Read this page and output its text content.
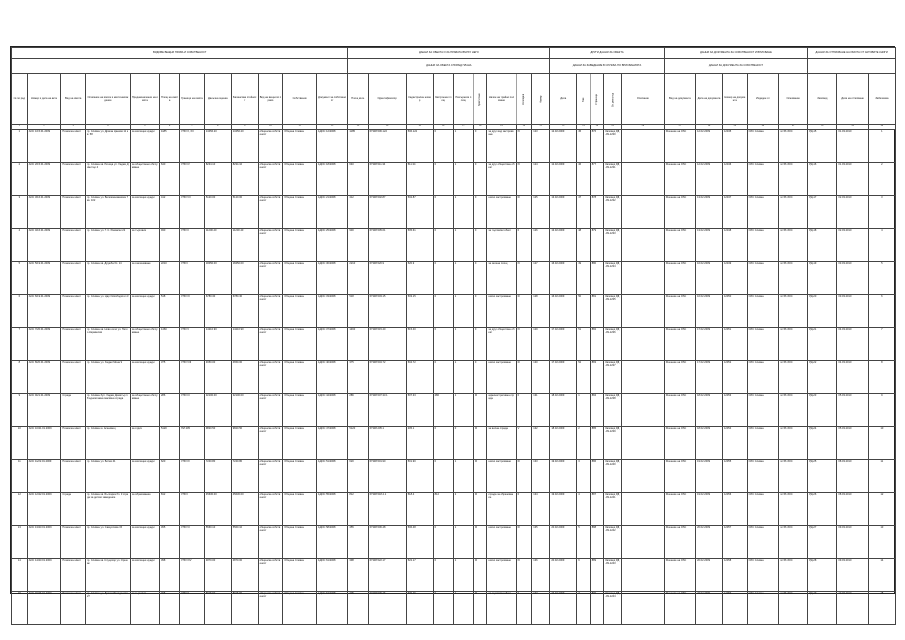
ВИДОВЕ ВЕЩНИ ПРАВА И СОБСТВЕНОСТ												ДАННИ ЗА ОБЕКТА И ЗА ПРАВАТА ВЪРХУ НЕГО									ДРУГИ ДАННИ ЗА ОБЕКТА					ДАННИ ЗА ДОКУМЕНТА ЗА СОБСТВЕНОСТ И ВПИСВАНЕ					ДАННИ ЗА ОТПИСВАНЕ НА ИМОТА ОТ АКТОВИТЕ КНИГИ		
												ДАННИ ЗА ОБЕКТА СПОРЕД ПЛАНА									ДАННИ ЗА ЗАВЕДЕНИЕ В СЛУЖБА ПО ВПИСВАНИЯТА					ДАННИ ЗА ДОКУМЕНТА ЗА СОБСТВЕНОСТ							
№ по ред	Номер и дата на акта	Вид на имота	Описание на имота и местонахождение	Предназначение на имота	Площ на имота	Граници на имота	Данъчна оценка	Балансова стойност	Вид на вещното право	Собственик	Документ за собственост	Площ кв.м.	Идентификатор	Кадастрален номер	Застроена площ	Разгърната площ	Брой етажи	Начин на трайно ползване	Категория	Номер	Дата	Том	Страница	Вх. регистър	Описание	Вид на документа	Дата на документа	Номер на документа	Издаден от	Основание	Заповед	Дата на отписване	Забележка
1	2	3	4	5	6	7	8	9	10	11	12	13	14	15	16	17	18	19	20	21	22	23	24	25	26	27	28	29	30	31	32	33	34
1	АОС 1/15.01.2009	Поземлен имот	гр. Сливен ул. Драган Цанков 11 кв. 58	за жилищни нужди	1185	УПИ X, XII	13456.20	13456.20	общинска собственост	Община Сливен	АДОС 12/2008	1185	67338.506.122	506.122	0	1	II	за друг вид застрояване	IV	123	12.02.2009	45	876	Заповед РД-09-1230		Решение на ОбС	12.02.2009	12345	ОбС Сливен	чл.56 ЗОС	РД-15	01.03.2010	1
2	АОС 2/15.01.2009	Поземлен имот	гр. Сливен кв. Речица ул. Хаджи Димитър 4	за обществено обслужване	640	УПИ IV	8234.10	8234.10	общинска собственост	Община Сливен	АДОС 18/2008	640	67338.511.34	511.34	0	1	II	за друг обществен обект	IV	124	12.02.2009	46	877	Заповед РД-09-1231		Решение на ОбС	12.02.2009	12346	ОбС Сливен	чл.56 ЗОС	РД-16	01.03.2010	2
3	АОС 3/16.01.2009	Поземлен имот	гр. Сливен ул. Великокняжевска 7 кв. 102	за жилищни нужди	412	УПИ VII	5120.00	5120.00	общинска собственост	Община Сливен	АДОС 21/2008	412	67338.502.87	502.87	0	1	II	ниско застрояване	III	125	13.02.2009	47	878	Заповед РД-09-1232		Решение на ОбС	13.02.2009	12347	ОбС Сливен	чл.56 ЗОС	РД-17	02.03.2010	3
4	АОС 4/16.01.2009	Поземлен имот	гр. Сливен ул. Г. С. Раковски 22	за търговия	930	УПИ II	11200.40	11200.40	общинска собственост	Община Сливен	АДОС 25/2008	930	67338.505.61	505.61	0	1	II	за търговски обект	II	126	13.02.2009	48	879	Заповед РД-09-1233		Решение на ОбС	13.02.2009	12348	ОбС Сливен	чл.56 ЗОС	РД-18	02.03.2010	4
5	АОС 5/19.01.2009	Поземлен имот	гр. Сливен кв. Дружба бл. 14	за озеленяване	2210	УПИ I	18450.00	18450.00	общинска собственост	Община Сливен	АДОС 30/2008	2210	67338.520.9	520.9	0	1	II	за зелена площ	IV	127	16.02.2009	49	880	Заповед РД-09-1234		Решение на ОбС	16.02.2009	12349	ОбС Сливен	чл.56 ЗОС	РД-19	03.03.2010	5
6	АОС 6/19.01.2009	Поземлен имот	гр. Сливен ул. Цар Освободител 3	за жилищни нужди	518	УПИ XI	6780.30	6780.30	общинска собственост	Община Сливен	АДОС 33/2008	518	67338.503.15	503.15	0	1	II	ниско застрояване	III	128	16.02.2009	50	881	Заповед РД-09-1235		Решение на ОбС	16.02.2009	12350	ОбС Сливен	чл.56 ЗОС	РД-20	03.03.2010	6
7	АОС 7/20.01.2009	Поземлен имот	гр. Сливен кв. Ново село ул. Петко Каравелов	за обществено обслужване	1460	УПИ V	14210.90	14210.90	общинска собственост	Община Сливен	АДОС 37/2008	1460	67338.515.40	515.40	0	1	II	за друг обществен обект	IV	129	17.02.2009	51	882	Заповед РД-09-1236		Решение на ОбС	17.02.2009	12351	ОбС Сливен	чл.56 ЗОС	РД-21	04.03.2010	7
8	АОС 8/20.01.2009	Поземлен имот	гр. Сливен ул. Хаджи Мина 9	за жилищни нужди	375	УПИ VIII	4650.00	4650.00	общинска собственост	Община Сливен	АДОС 40/2008	375	67338.504.72	504.72	0	1	II	ниско застрояване	III	130	17.02.2009	52	883	Заповед РД-09-1237		Решение на ОбС	17.02.2009	12352	ОбС Сливен	чл.56 ЗОС	РД-22	04.03.2010	8
9	АОС 9/21.01.2009	Сграда	гр. Сливен бул. Хаджи Димитър 18 едноетажна масивна сграда	за обществено обслужване	286	УПИ III	32100.00	32100.00	общинска собственост	Община Сливен	АДОС 44/2008	286	67338.507.33.1	507.33	286	1	III	административна сграда	II	131	18.02.2009	1	884	Заповед РД-09-1238		Решение на ОбС	18.02.2009	12353	ОбС Сливен	чл.56 ЗОС	РД-23	05.03.2010	9
10	АОС 10/21.01.2009	Поземлен имот	гр. Сливен м. Асеновец	за отдих	5120	ПИ 205	9820.50	9820.50	общинска собственост	Община Сливен	АДОС 47/2008	5120	67338.205.1	205.1	0	0	III	за вилна сграда	V	132	18.02.2009	2	885	Заповед РД-09-1239		Решение на ОбС	18.02.2009	12354	ОбС Сливен	чл.56 ЗОС	РД-24	05.03.2010	10
11	АОС 11/22.01.2009	Поземлен имот	гр. Сливен ул. Ботев 41	за жилищни нужди	620	УПИ IX	7240.80	7240.80	общинска собственост	Община Сливен	АДОС 51/2008	620	67338.501.90	501.90	0	1	III	ниско застрояване	III	133	19.02.2009	3	886	Заповед РД-09-1240		Решение на ОбС	19.02.2009	12355	ОбС Сливен	чл.56 ЗОС	РД-25	08.03.2010	11
12	АОС 12/22.01.2009	Сграда	гр. Сливен кв. Българка бл. 3 сграда за детско заведение	за образование	812	УПИ I	45630.00	45630.00	общинска собственост	Община Сливен	АДОС 55/2008	812	67338.518.4.1	518.4	812	2	III	сграда за образование	II	134	19.02.2009	4	887	Заповед РД-09-1241		Решение на ОбС	19.02.2009	12356	ОбС Сливен	чл.56 ЗОС	РД-26	08.03.2010	12
13	АОС 13/23.01.2009	Поземлен имот	гр. Сливен ул. Самуилова 15	за жилищни нужди	455	УПИ VI	5560.10	5560.10	общинска собственост	Община Сливен	АДОС 58/2008	455	67338.506.48	506.48	0	1	III	ниско застрояване	III	135	20.02.2009	5	888	Заповед РД-09-1242		Решение на ОбС	20.02.2009	12357	ОбС Сливен	чл.56 ЗОС	РД-27	09.03.2010	13
14	АОС 14/23.01.2009	Поземлен имот	гр. Сливен кв. Клуцохор ул. Орешак	за жилищни нужди	398	УПИ XIV	4870.00	4870.00	общинска собственост	Община Сливен	АДОС 61/2008	398	67338.522.17	522.17	0	1	III	ниско застрояване	IV	136	20.02.2009	6	889	Заповед РД-09-1243		Решение на ОбС	20.02.2009	12358	ОбС Сливен	чл.56 ЗОС	РД-28	09.03.2010	14
15	АОС 15/26.01.2009	Поземлен имот	гр. Сливен ул. Братя Миладинови 27	за търговия	705	УПИ X	8915.60	8915.60	общинска собственост	Община Сливен	АДОС 64/2008	705	67338.509.26	509.26	0	1	III	за търговски обект	II	137	23.02.2009	7	890	Заповед РД-09-1244		Решение на ОбС	23.02.2009	12359	ОбС Сливен	чл.56 ЗОС	РД-29	10.03.2010	15
